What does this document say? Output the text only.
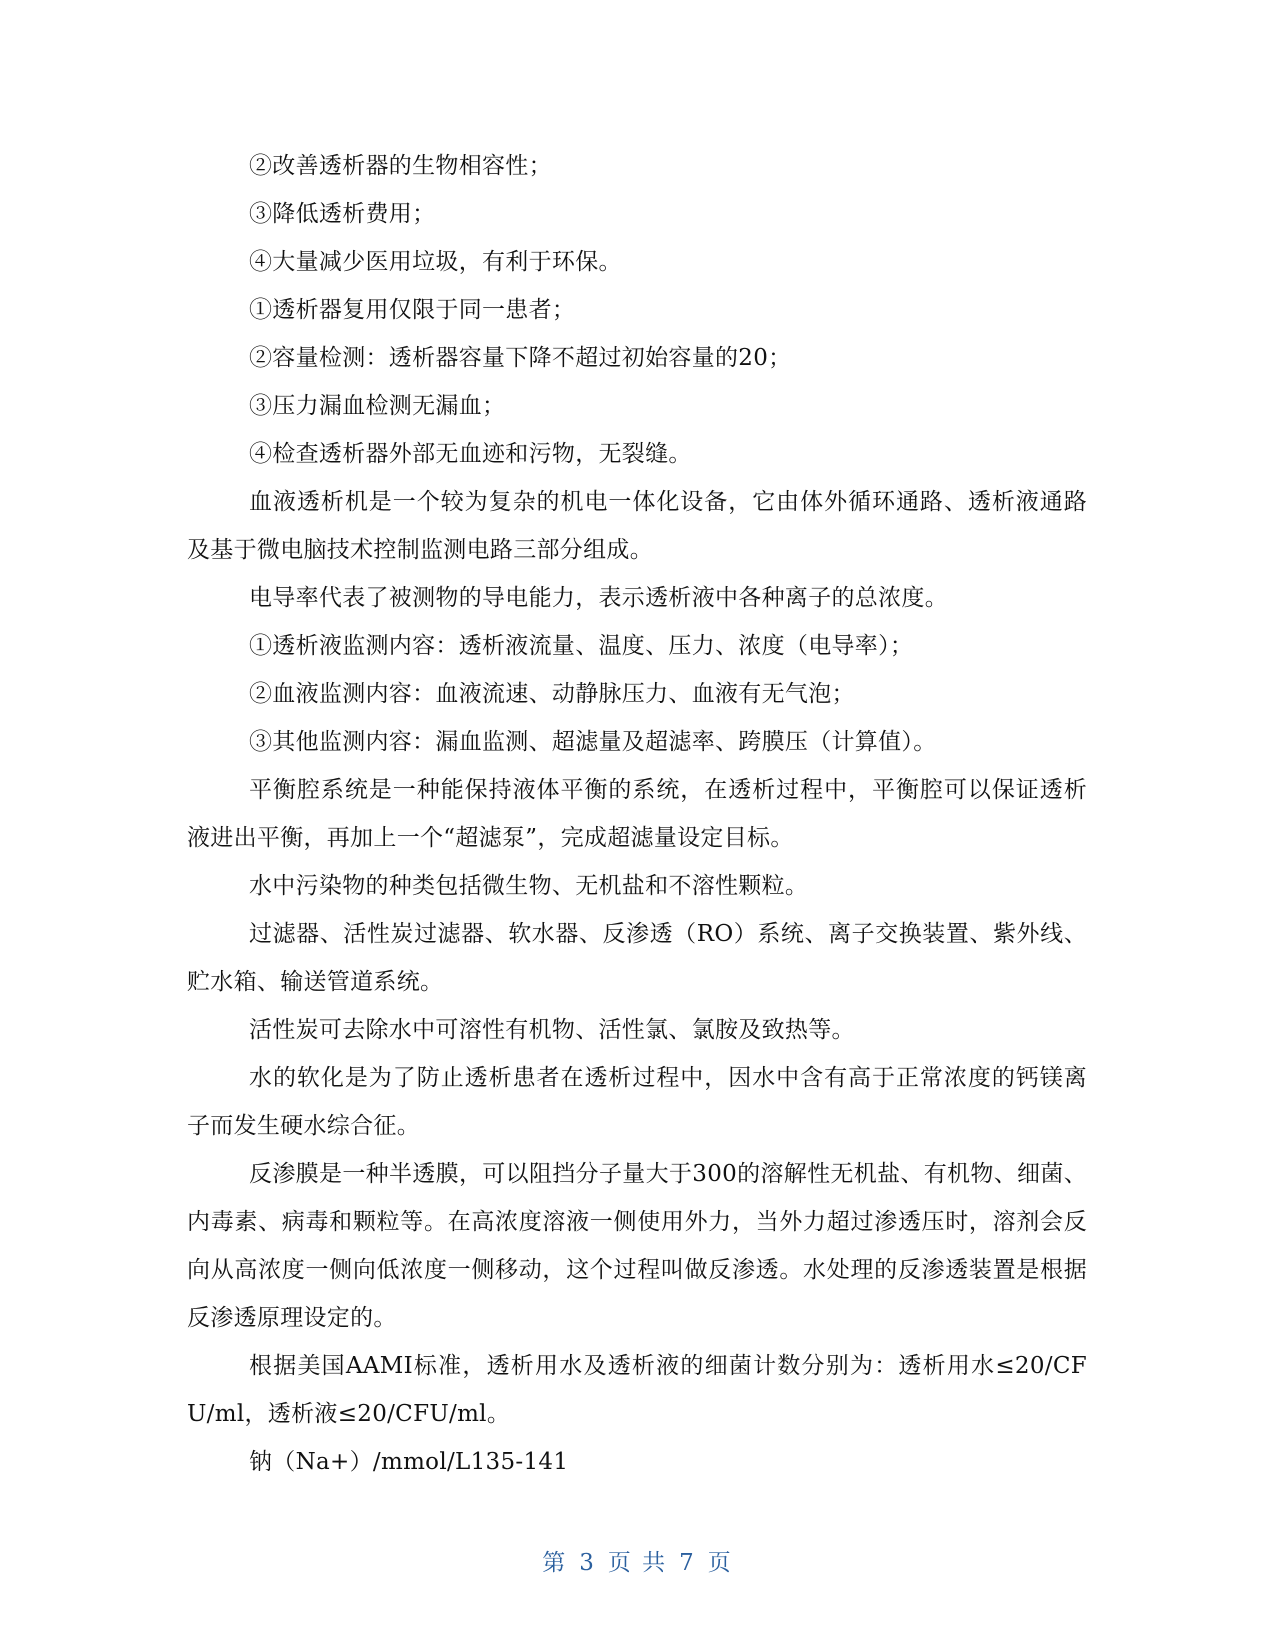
②改善透析器的生物相容性；

③降低透析费用；

④大量减少医用垃圾，有利于环保。

①透析器复用仅限于同一患者；

②容量检测：透析器容量下降不超过初始容量的20；

③压力漏血检测无漏血；

④检查透析器外部无血迹和污物，无裂缝。

血液透析机是一个较为复杂的机电一体化设备，它由体外循环通路、透析液通路及基于微电脑技术控制监测电路三部分组成。

电导率代表了被测物的导电能力，表示透析液中各种离子的总浓度。

①透析液监测内容：透析液流量、温度、压力、浓度（电导率）；

②血液监测内容：血液流速、动静脉压力、血液有无气泡；

③其他监测内容：漏血监测、超滤量及超滤率、跨膜压（计算值）。

平衡腔系统是一种能保持液体平衡的系统，在透析过程中，平衡腔可以保证透析液进出平衡，再加上一个“超滤泵”，完成超滤量设定目标。

水中污染物的种类包括微生物、无机盐和不溶性颗粒。

过滤器、活性炭过滤器、软水器、反渗透（RO）系统、离子交换装置、紫外线、贮水箱、输送管道系统。

活性炭可去除水中可溶性有机物、活性氯、氯胺及致热等。

水的软化是为了防止透析患者在透析过程中，因水中含有高于正常浓度的钙镁离子而发生硬水综合征。

反渗膜是一种半透膜，可以阻挡分子量大于300的溶解性无机盐、有机物、细菌、内毒素、病毒和颗粒等。在高浓度溶液一侧使用外力，当外力超过渗透压时，溶剂会反向从高浓度一侧向低浓度一侧移动，这个过程叫做反渗透。水处理的反渗透装置是根据反渗透原理设定的。

根据美国AAMI标准，透析用水及透析液的细菌计数分别为：透析用水≤20/CFU/ml，透析液≤20/CFU/ml。

钠（Na+）/mmol/L135-141

第 3 页 共 7 页
